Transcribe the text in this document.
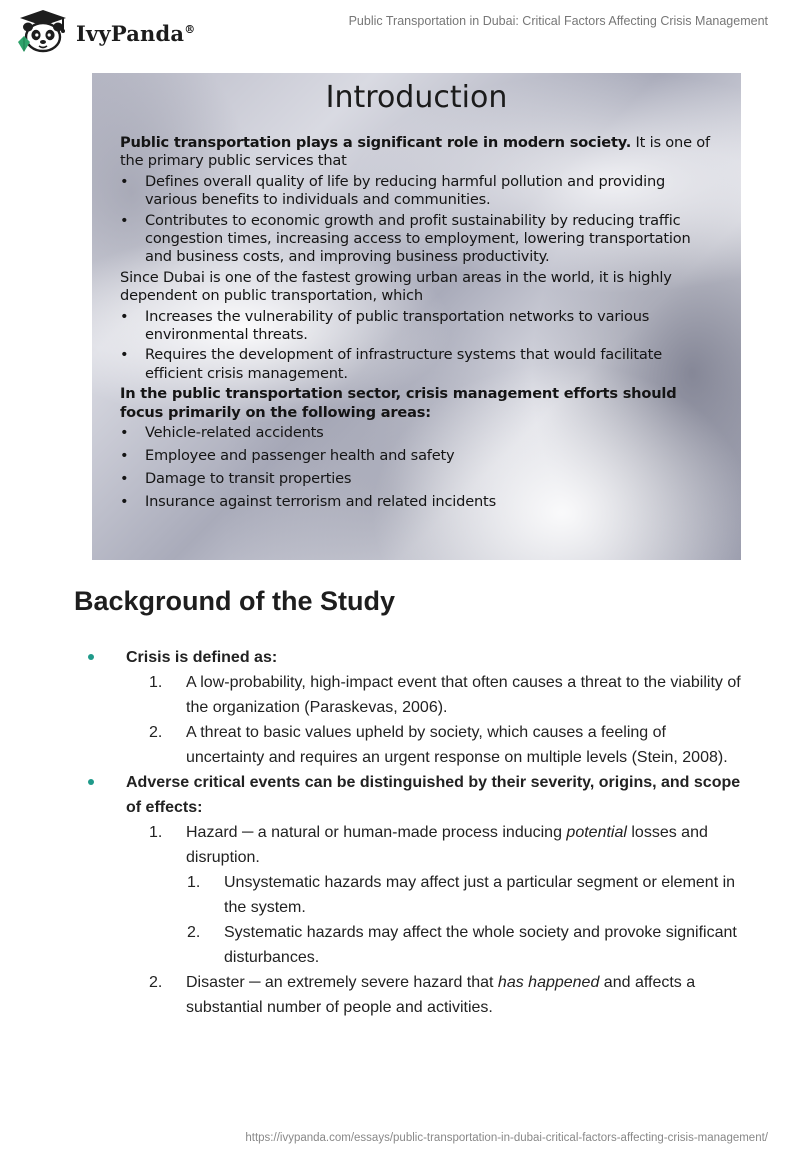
IvyPanda®
Public Transportation in Dubai: Critical Factors Affecting Crisis Management
Introduction

Public transportation plays a significant role in modern society. It is one of the primary public services that

• Defines overall quality of life by reducing harmful pollution and providing various benefits to individuals and communities.
• Contributes to economic growth and profit sustainability by reducing traffic congestion times, increasing access to employment, lowering transportation and business costs, and improving business productivity.

Since Dubai is one of the fastest growing urban areas in the world, it is highly dependent on public transportation, which

• Increases the vulnerability of public transportation networks to various environmental threats.
• Requires the development of infrastructure systems that would facilitate efficient crisis management.

In the public transportation sector, crisis management efforts should focus primarily on the following areas:

• Vehicle-related accidents
• Employee and passenger health and safety
• Damage to transit properties
• Insurance against terrorism and related incidents
Background of the Study
Crisis is defined as:
1. A low-probability, high-impact event that often causes a threat to the viability of the organization (Paraskevas, 2006).
2. A threat to basic values upheld by society, which causes a feeling of uncertainty and requires an urgent response on multiple levels (Stein, 2008).
Adverse critical events can be distinguished by their severity, origins, and scope of effects:
1. Hazard ─ a natural or human-made process inducing potential losses and disruption.
1. Unsystematic hazards may affect just a particular segment or element in the system.
2. Systematic hazards may affect the whole society and provoke significant disturbances.
2. Disaster ─ an extremely severe hazard that has happened and affects a substantial number of people and activities.
https://ivypanda.com/essays/public-transportation-in-dubai-critical-factors-affecting-crisis-management/
